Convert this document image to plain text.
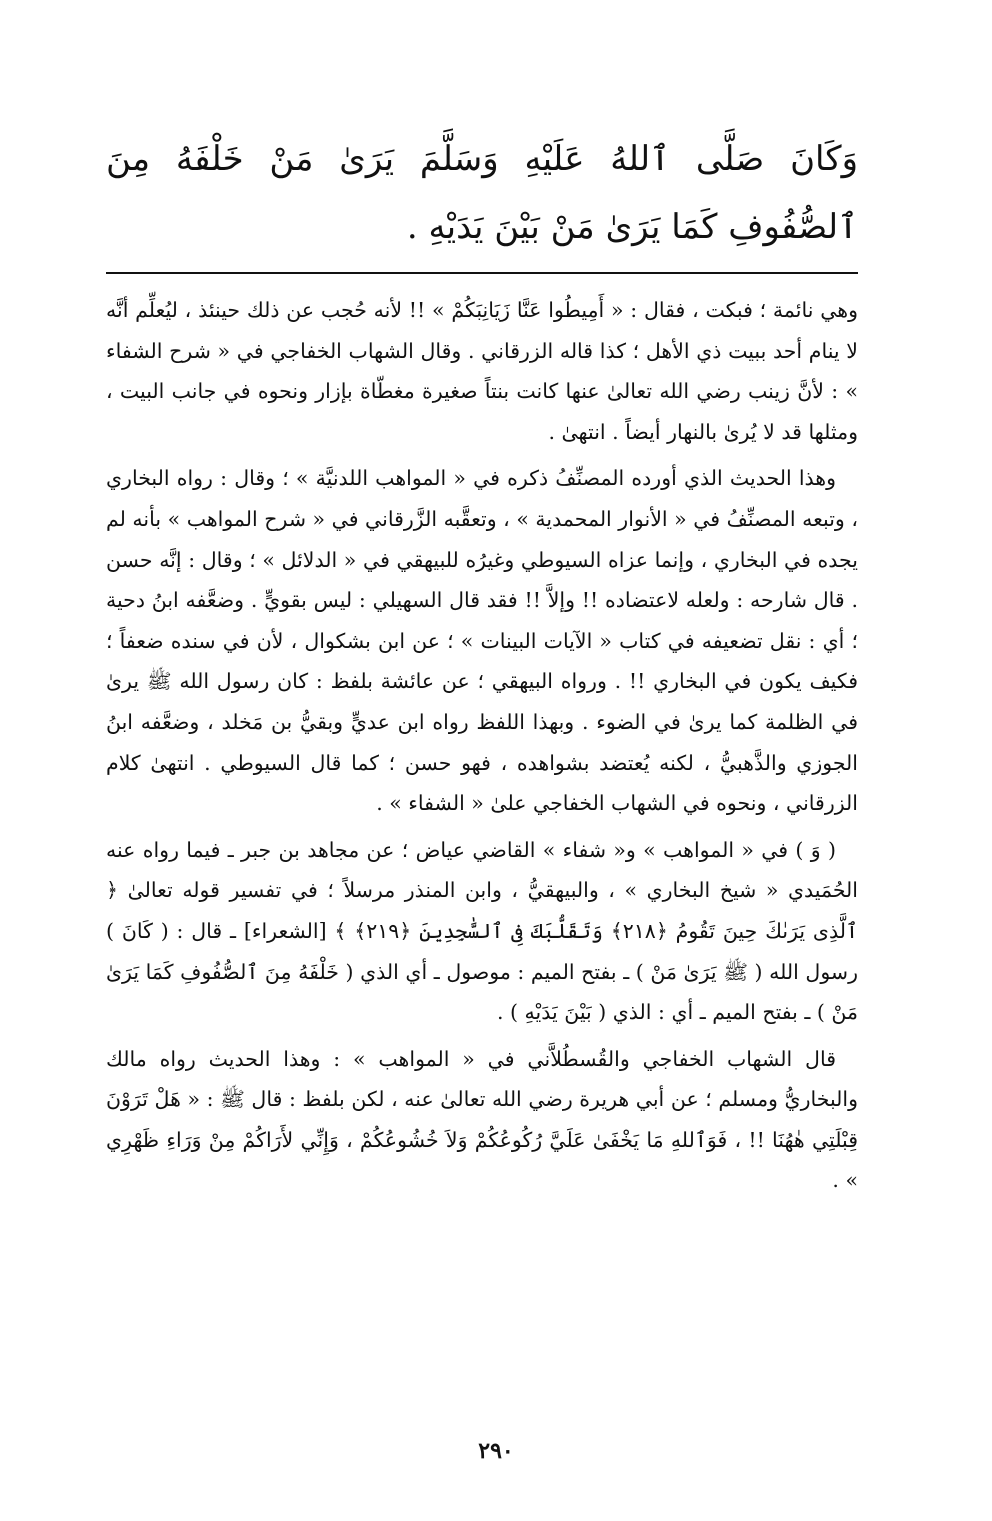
وَكَانَ صَلَّى ٱللهُ عَلَيْهِ وَسَلَّمَ يَرَىٰ مَنْ خَلْفَهُ مِنَ ٱلصُّفُوفِ كَمَا يَرَىٰ مَنْ بَيْنَ يَدَيْهِ .

وهي نائمة ؛ فبكت ، فقال : « أَمِيطُوا عَنَّا زَيَانِبَكُمْ » !! لأنه حُجب عن ذلك حينئذ ، ليُعلِّم أنَّه لا ينام أحد ببيت ذي الأهل ؛ كذا قاله الزرقاني . وقال الشهاب الخفاجي في « شرح الشفاء » : لأنَّ زينب رضي الله تعالىٰ عنها كانت بنتاً صغيرة مغطّاة بإزار ونحوه في جانب البيت ، ومثلها قد لا يُرىٰ بالنهار أيضاً . انتهىٰ .

وهذا الحديث الذي أورده المصنِّفُ ذكره في « المواهب اللدنيَّة » ؛ وقال : رواه البخاري ، وتبعه المصنِّفُ في « الأنوار المحمدية » ، وتعقَّبه الزَّرقاني في « شرح المواهب » بأنه لم يجده في البخاري ، وإنما عزاه السيوطي وغيرُه للبيهقي في « الدلائل » ؛ وقال : إنَّه حسن . قال شارحه : ولعله لاعتضاده !! وإلاَّ !! فقد قال السهيلي : ليس بقويٍّ . وضعَّفه ابنُ دحية ؛ أي : نقل تضعيفه في كتاب « الآيات البينات » ؛ عن ابن بشكوال ، لأن في سنده ضعفاً ؛ فكيف يكون في البخاري !! . ورواه البيهقي ؛ عن عائشة بلفظ : كان رسول الله ﷺ يرىٰ في الظلمة كما يرىٰ في الضوء . وبهذا اللفظ رواه ابن عديٍّ وبقيُّ بن مَخلد ، وضعَّفه ابنُ الجوزي والذَّهبيُّ ، لكنه يُعتضد بشواهده ، فهو حسن ؛ كما قال السيوطي . انتهىٰ كلام الزرقاني ، ونحوه في الشهاب الخفاجي علىٰ « الشفاء » .

( وَ ) في « المواهب » و« شفاء » القاضي عياض ؛ عن مجاهد بن جبر ـ فيما رواه عنه الحُمَيدي « شيخ البخاري » ، والبيهقيُّ ، وابن المنذر مرسلاً ؛ في تفسير قوله تعالىٰ ﴿ ٱلَّذِى يَرَىٰكَ حِينَ تَقُومُ ﴿٢١٨﴾ وَتَقَلُّبَكَ فِى ٱلسَّٰجِدِينَ ﴿٢١٩﴾ ﴾ [الشعراء] ـ قال : ( كَانَ ) رسول الله ( ﷺ يَرَىٰ مَنْ ) ـ بفتح الميم : موصول ـ أي الذي ( خَلْفَهُ مِنَ ٱلصُّفُوفِ كَمَا يَرَىٰ مَنْ ) ـ بفتح الميم ـ أي : الذي ( بَيْنَ يَدَيْهِ ) .

قال الشهاب الخفاجي والقُسطُلاَّني في « المواهب » : وهذا الحديث رواه مالك والبخاريُّ ومسلم ؛ عن أبي هريرة رضي الله تعالىٰ عنه ، لكن بلفظ : قال ﷺ : « هَلْ تَرَوْنَ قِبْلَتِي هٰهُنَا !! ، فَوَٱللهِ مَا يَخْفَىٰ عَلَيَّ رُكُوعُكُمْ وَلاَ خُشُوعُكُمْ ، وَإِنِّي لأَرَاكُمْ مِنْ وَرَاءِ ظَهْرِي » .

٢٩٠
